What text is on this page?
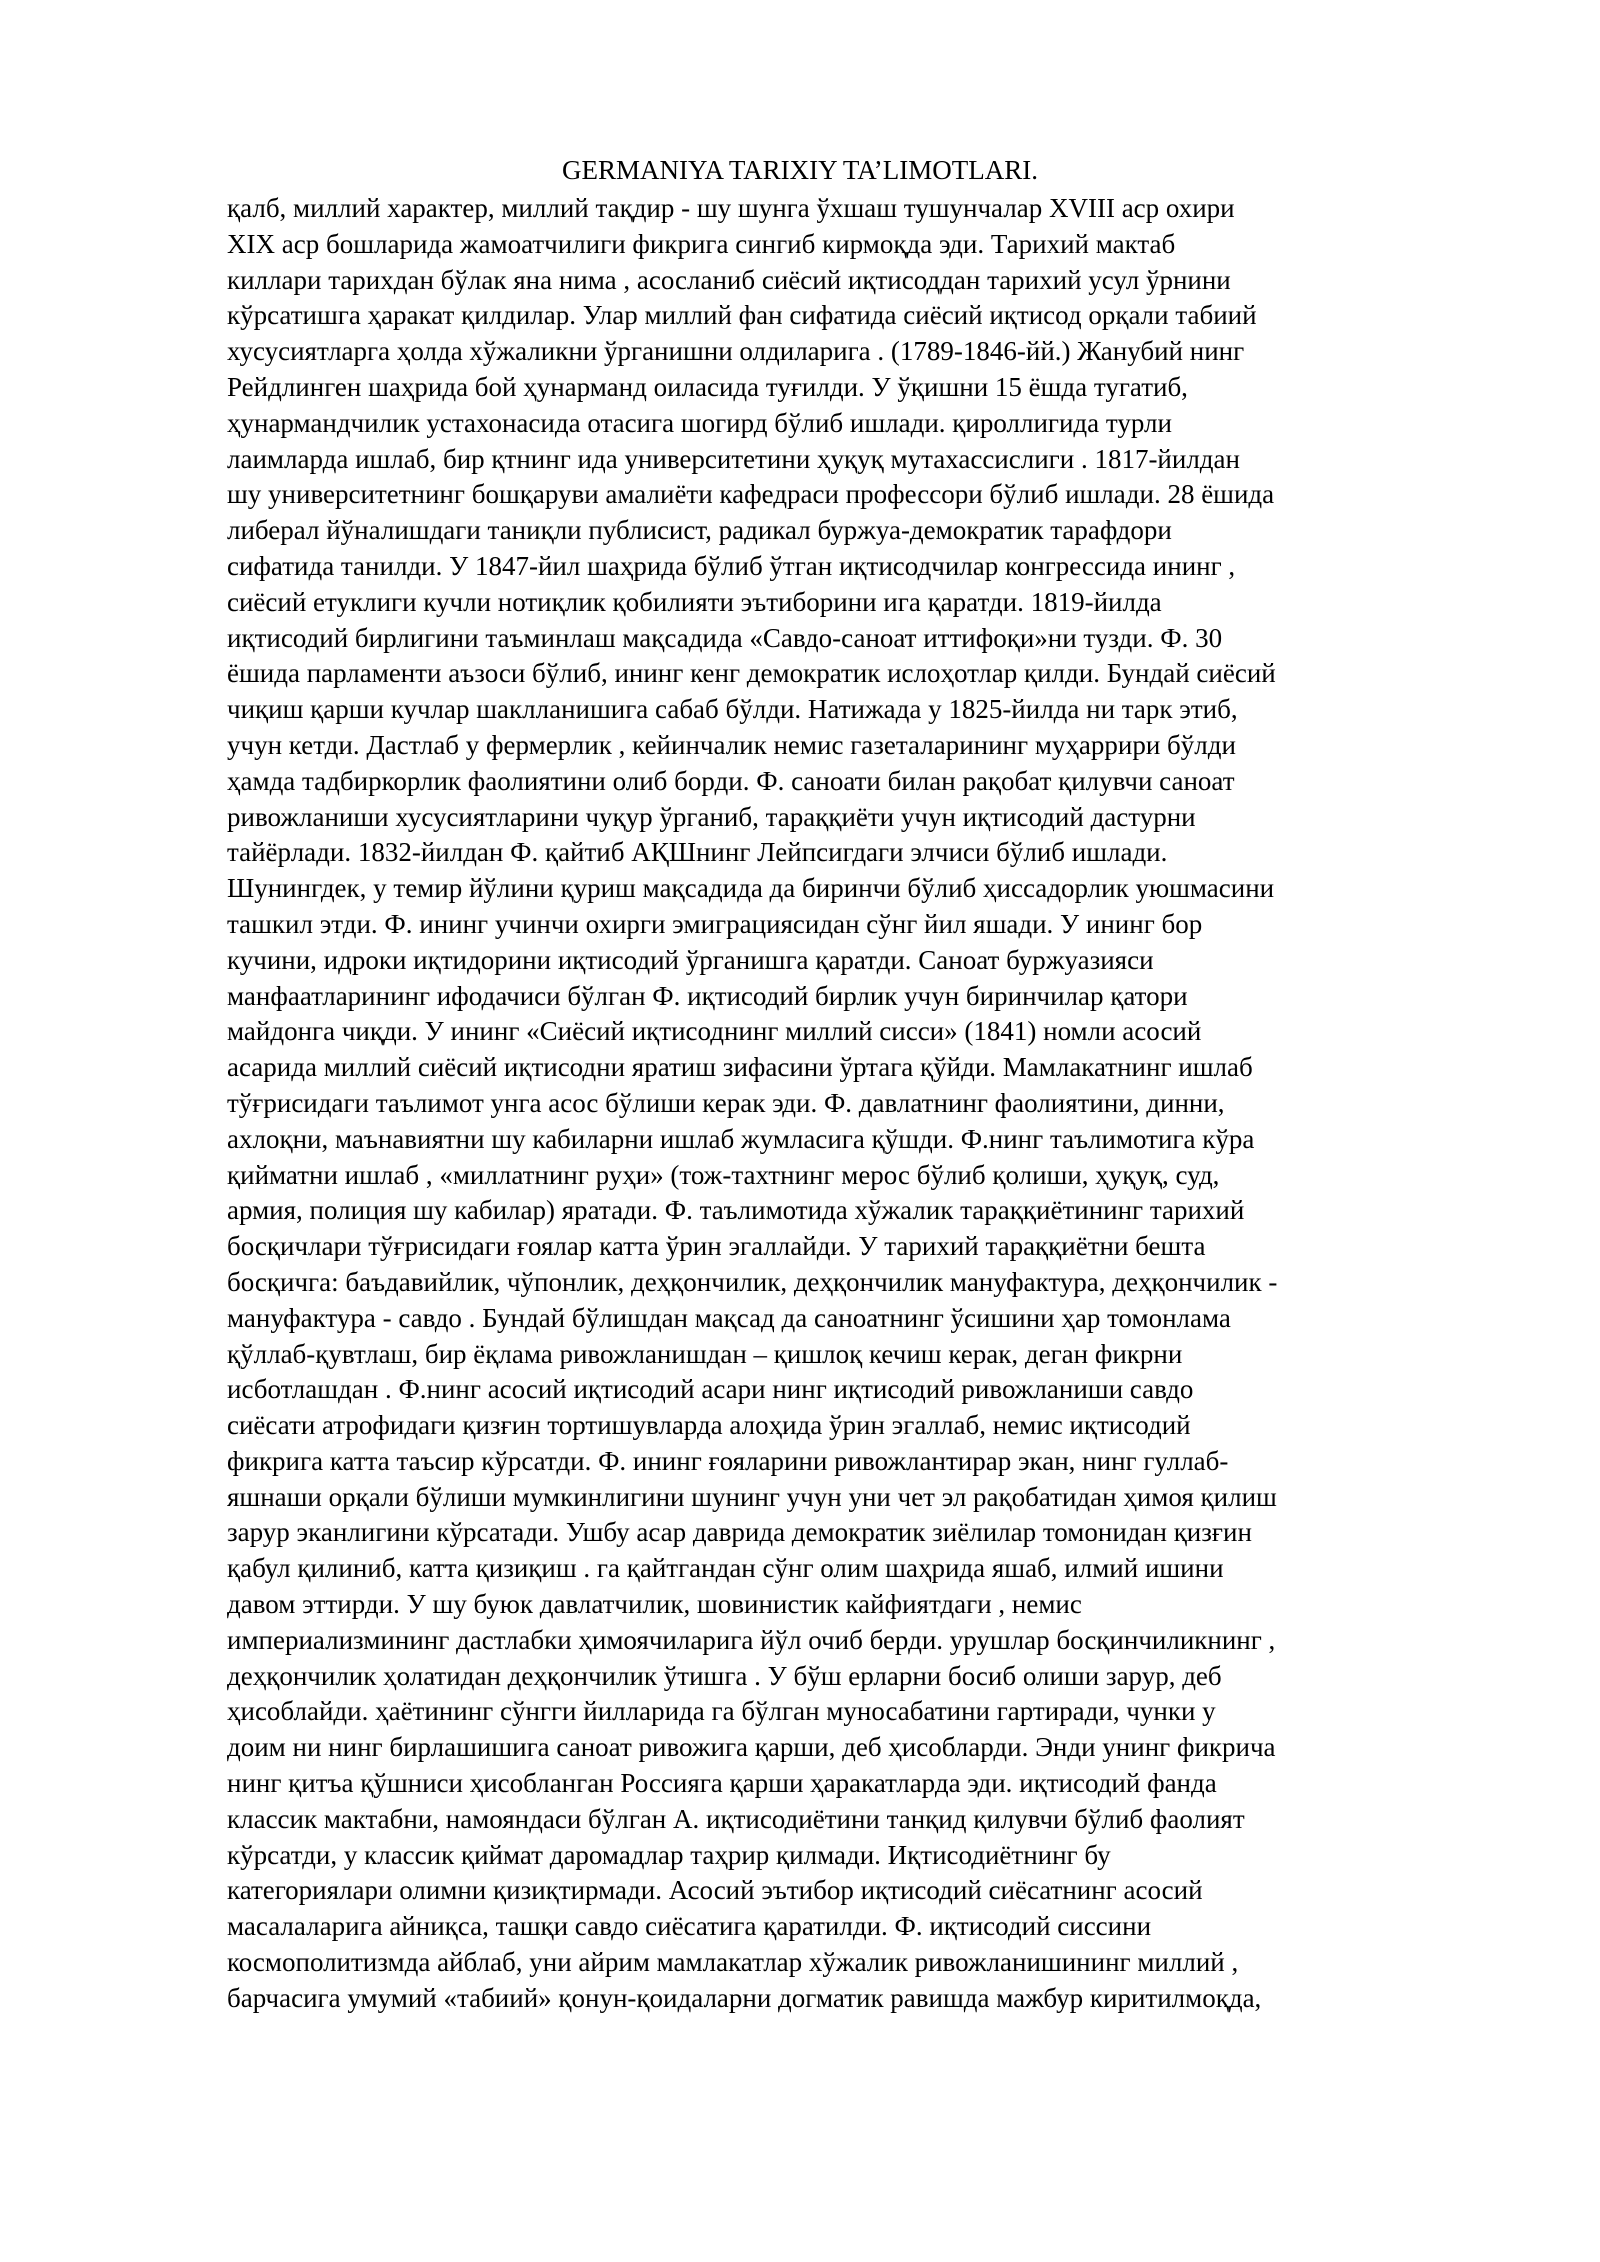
GERMANIYA TARIXIY TA’LIMOTLARI.
қалб, миллий характер, миллий тақдир - шу шунга ўхшаш тушунчалар XVIII аср охири
XIX аср бошларида жамоатчилиги фикрига сингиб кирмоқда эди. Тарихий мактаб
киллари тарихдан бўлак яна нима , асосланиб сиёсий иқтисоддан тарихий усул ўрнини
кўрсатишга ҳаракат қилдилар. Улар миллий фан сифатида сиёсий иқтисод орқали табиий
хусусиятларга ҳолда хўжаликни ўрганишни олдиларига . (1789-1846-йй.) Жанубий нинг
Рейдлинген шаҳрида бой ҳунарманд оиласида туғилди. У ўқишни 15 ёшда тугатиб,
ҳунармандчилик устахонасида отасига шогирд бўлиб ишлади. қироллигида турли
лаимларда ишлаб, бир қтнинг ида университетини ҳуқуқ мутахассислиги . 1817-йилдан
шу университетнинг бошқаруви амалиёти кафедраси профессори бўлиб ишлади. 28 ёшида
либерал йўналишдаги таниқли публисист, радикал буржуа-демократик тарафдори
сифатида танилди. У 1847-йил шаҳрида бўлиб ўтган иқтисодчилар конгрессида ининг ,
сиёсий етуклиги кучли нотиқлик қобилияти эътиборини ига қаратди. 1819-йилда
иқтисодий бирлигини таъминлаш мақсадида «Савдо-саноат иттифоқи»ни тузди. Ф. 30
ёшида парламенти аъзоси бўлиб, ининг кенг демократик ислоҳотлар қилди. Бундай сиёсий
чиқиш қарши кучлар шаклланишига сабаб бўлди. Натижада у 1825-йилда ни тарк этиб,
учун кетди. Дастлаб у фермерлик , кейинчалик немис газеталарининг муҳаррири бўлди
ҳамда тадбиркорлик фаолиятини олиб борди. Ф. саноати билан рақобат қилувчи саноат
ривожланиши хусусиятларини чуқур ўрганиб, тараққиёти учун иқтисодий дастурни
тайёрлади. 1832-йилдан Ф. қайтиб АҚШнинг Лейпсигдаги элчиси бўлиб ишлади.
Шунингдек, у темир йўлини қуриш мақсадида да биринчи бўлиб ҳиссадорлик уюшмасини
ташкил этди. Ф. ининг учинчи охирги эмиграциясидан сўнг йил яшади. У ининг бор
кучини, идроки иқтидорини иқтисодий ўрганишга қаратди. Саноат буржуазияси
манфаатларининг ифодачиси бўлган Ф. иқтисодий бирлик учун биринчилар қатори
майдонга чиқди. У ининг «Сиёсий иқтисоднинг миллий сисси» (1841) номли асосий
асарида миллий сиёсий иқтисодни яратиш зифасини ўртага қўйди. Мамлакатнинг ишлаб
тўғрисидаги таълимот унга асос бўлиши керак эди. Ф. давлатнинг фаолиятини, динни,
ахлоқни, маънавиятни шу кабиларни ишлаб жумласига қўшди. Ф.нинг таълимотига кўра
қийматни ишлаб , «миллатнинг руҳи» (тож-тахтнинг мерос бўлиб қолиши, ҳуқуқ, суд,
армия, полиция шу кабилар) яратади. Ф. таълимотида хўжалик тараққиётининг тарихий
босқичлари тўғрисидаги ғоялар катта ўрин эгаллайди. У тарихий тараққиётни бешта
босқичга: баъдавийлик, чўпонлик, деҳқончилик, деҳқончилик мануфактура, деҳқончилик -
мануфактура - савдо . Бундай бўлишдан мақсад да саноатнинг ўсишини ҳар томонлама
қўллаб-қувтлаш, бир ёқлама ривожланишдан – қишлоқ кечиш керак, деган фикрни
исботлашдан . Ф.нинг асосий иқтисодий асари нинг иқтисодий ривожланиши савдо
сиёсати атрофидаги қизғин тортишувларда алоҳида ўрин эгаллаб, немис иқтисодий
фикрига катта таъсир кўрсатди. Ф. ининг ғояларини ривожлантирар экан, нинг гуллаб-
яшнаши орқали бўлиши мумкинлигини шунинг учун уни чет эл рақобатидан ҳимоя қилиш
зарур эканлигини кўрсатади. Ушбу асар даврида демократик зиёлилар томонидан қизғин
қабул қилиниб, катта қизиқиш . га қайтгандан сўнг олим шаҳрида яшаб, илмий ишини
давом эттирди. У шу буюк давлатчилик, шовинистик кайфиятдаги , немис
империализмининг дастлабки ҳимоячиларига йўл очиб берди. урушлар босқинчиликнинг ,
деҳқончилик ҳолатидан деҳқончилик ўтишга . У бўш ерларни босиб олиши зарур, деб
ҳисоблайди. ҳаётининг сўнгги йилларида га бўлган муносабатини гартиради, чунки у
доим ни нинг бирлашишига саноат ривожига қарши, деб ҳисобларди. Энди унинг фикрича
нинг қитъа қўшниси ҳисобланган Россияга қарши ҳаракатларда эди. иқтисодий фанда
классик мактабни, намояндаси бўлган А. иқтисодиётини танқид қилувчи бўлиб фаолият
кўрсатди, у классик қиймат даромадлар таҳрир қилмади. Иқтисодиётнинг бу
категориялари олимни қизиқтирмади. Асосий эътибор иқтисодий сиёсатнинг асосий
масалаларига айниқса, ташқи савдо сиёсатига қаратилди. Ф. иқтисодий сиссини
космополитизмда айблаб, уни айрим мамлакатлар хўжалик ривожланишининг миллий ,
барчасига умумий «табиий» қонун-қоидаларни догматик равишда мажбур киритилмоқда,
